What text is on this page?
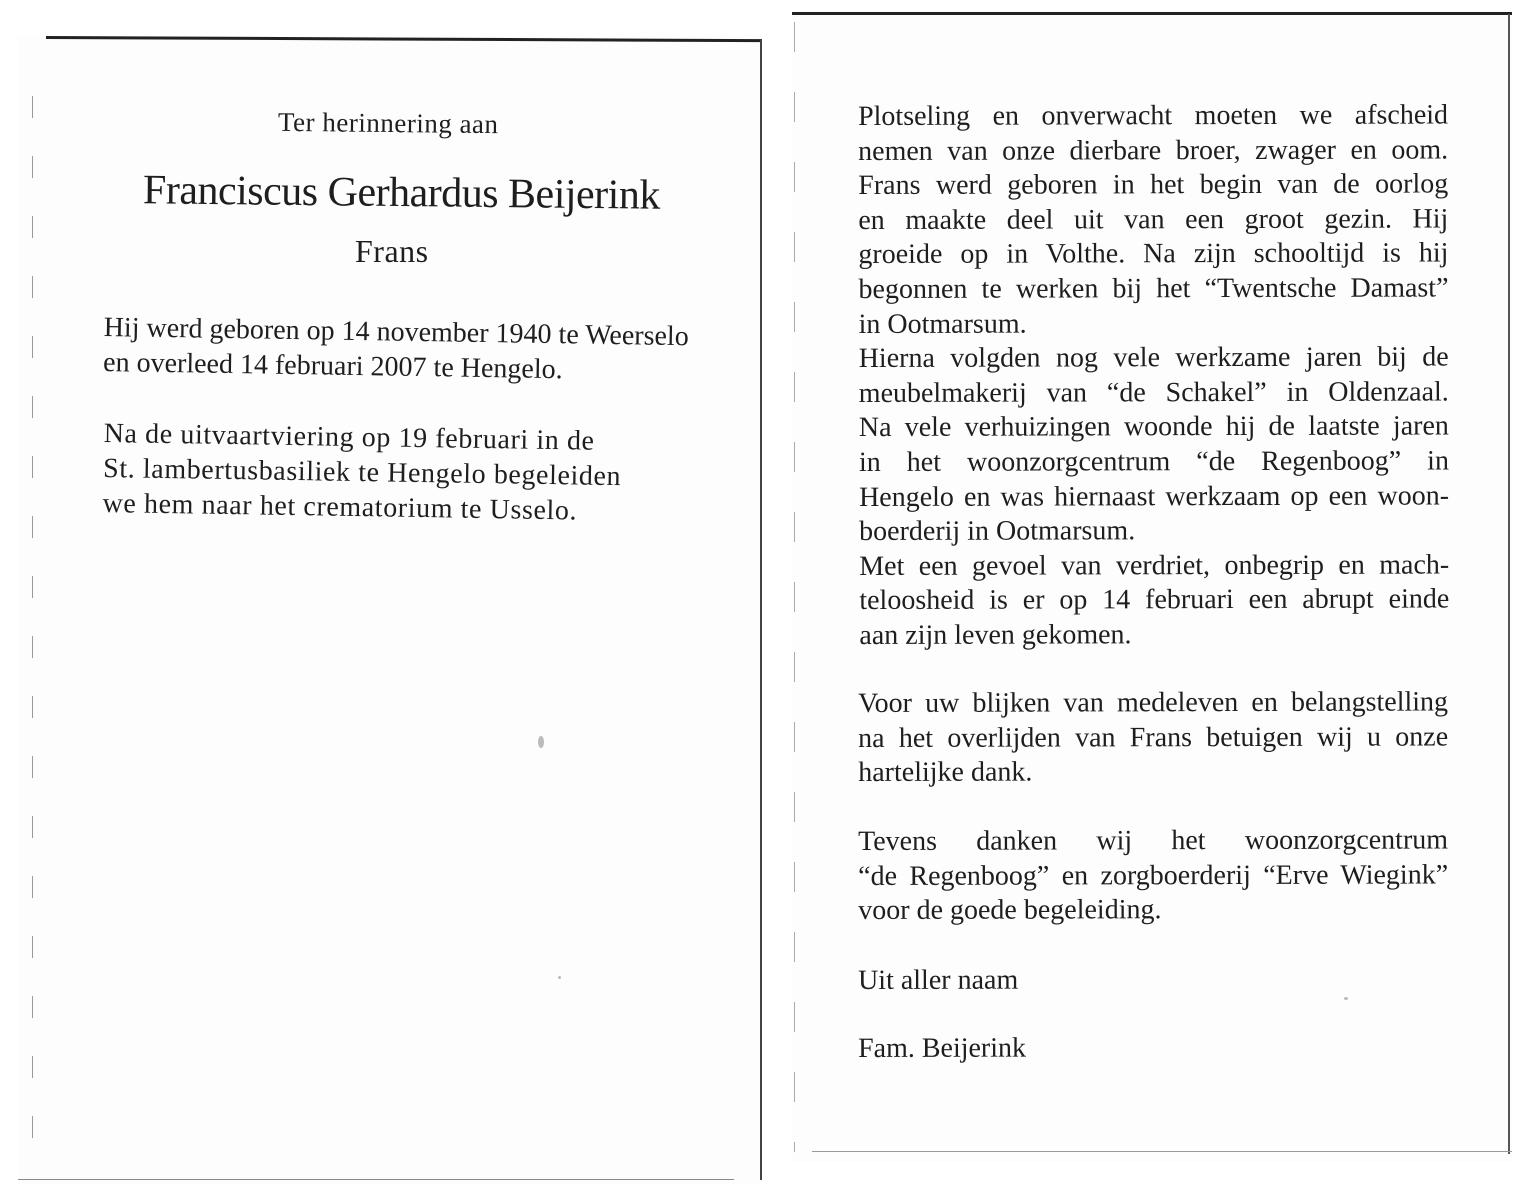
Ter herinnering aan
Franciscus Gerhardus Beijerink
Frans
Hij werd geboren op 14 november 1940 te Weerselo
en overleed 14 februari 2007 te Hengelo.
Na de uitvaartviering op 19 februari in de
St. lambertusbasiliek te Hengelo begeleiden
we hem naar het crematorium te Usselo.
Plotseling en onverwacht moeten we afscheid
nemen van onze dierbare broer, zwager en oom.
Frans werd geboren in het begin van de oorlog
en maakte deel uit van een groot gezin. Hij
groeide op in Volthe. Na zijn schooltijd is hij
begonnen te werken bij het “Twentsche Damast”
in Ootmarsum.
Hierna volgden nog vele werkzame jaren bij de
meubelmakerij van “de Schakel” in Oldenzaal.
Na vele verhuizingen woonde hij de laatste jaren
in het woonzorgcentrum “de Regenboog” in
Hengelo en was hiernaast werkzaam op een woon-
boerderij in Ootmarsum.
Met een gevoel van verdriet, onbegrip en mach-
teloosheid is er op 14 februari een abrupt einde
aan zijn leven gekomen.
Voor uw blijken van medeleven en belangstelling
na het overlijden van Frans betuigen wij u onze
hartelijke dank.
Tevens danken wij het woonzorgcentrum
“de Regenboog” en zorgboerderij “Erve Wiegink”
voor de goede begeleiding.
Uit aller naam
Fam. Beijerink
